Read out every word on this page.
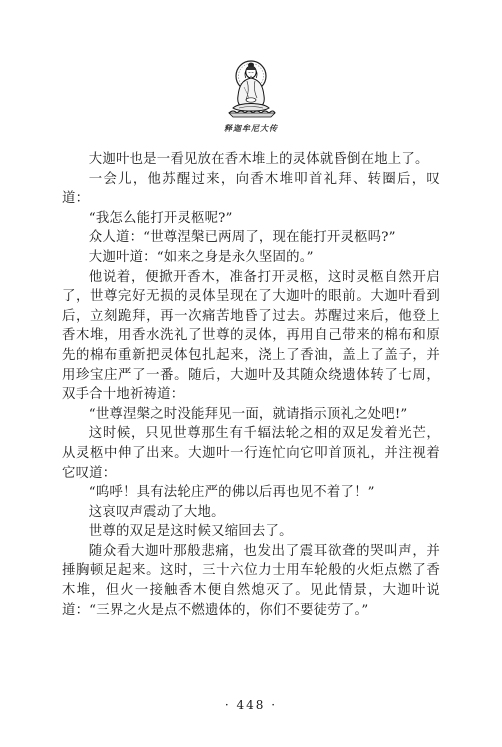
释迦牟尼大传

大迦叶也是一看见放在香木堆上的灵体就昏倒在地上了。

一会儿，他苏醒过来，向香木堆叩首礼拜、转圈后，叹道：

“我怎么能打开灵柩呢?”

众人道：“世尊涅槃已两周了，现在能打开灵柩吗?”

大迦叶道：“如来之身是永久坚固的。”

他说着，便掀开香木，准备打开灵柩，这时灵柩自然开启了，世尊完好无损的灵体呈现在了大迦叶的眼前。大迦叶看到后，立刻跪拜，再一次痛苦地昏了过去。苏醒过来后，他登上香木堆，用香水洗礼了世尊的灵体，再用自己带来的棉布和原先的棉布重新把灵体包扎起来，浇上了香油，盖上了盖子，并用珍宝庄严了一番。随后，大迦叶及其随众绕遗体转了七周，双手合十地祈祷道：

“世尊涅槃之时没能拜见一面，就请指示顶礼之处吧!”

这时候，只见世尊那生有千辐法轮之相的双足发着光芒，从灵柩中伸了出来。大迦叶一行连忙向它叩首顶礼，并注视着它叹道：

“呜呼！具有法轮庄严的佛以后再也见不着了！”

这哀叹声震动了大地。

世尊的双足是这时候又缩回去了。

随众看大迦叶那般悲痛，也发出了震耳欲聋的哭叫声，并捶胸顿足起来。这时，三十六位力士用车轮般的火炬点燃了香木堆，但火一接触香木便自然熄灭了。见此情景，大迦叶说道：“三界之火是点不燃遗体的，你们不要徒劳了。”

· 448 ·
